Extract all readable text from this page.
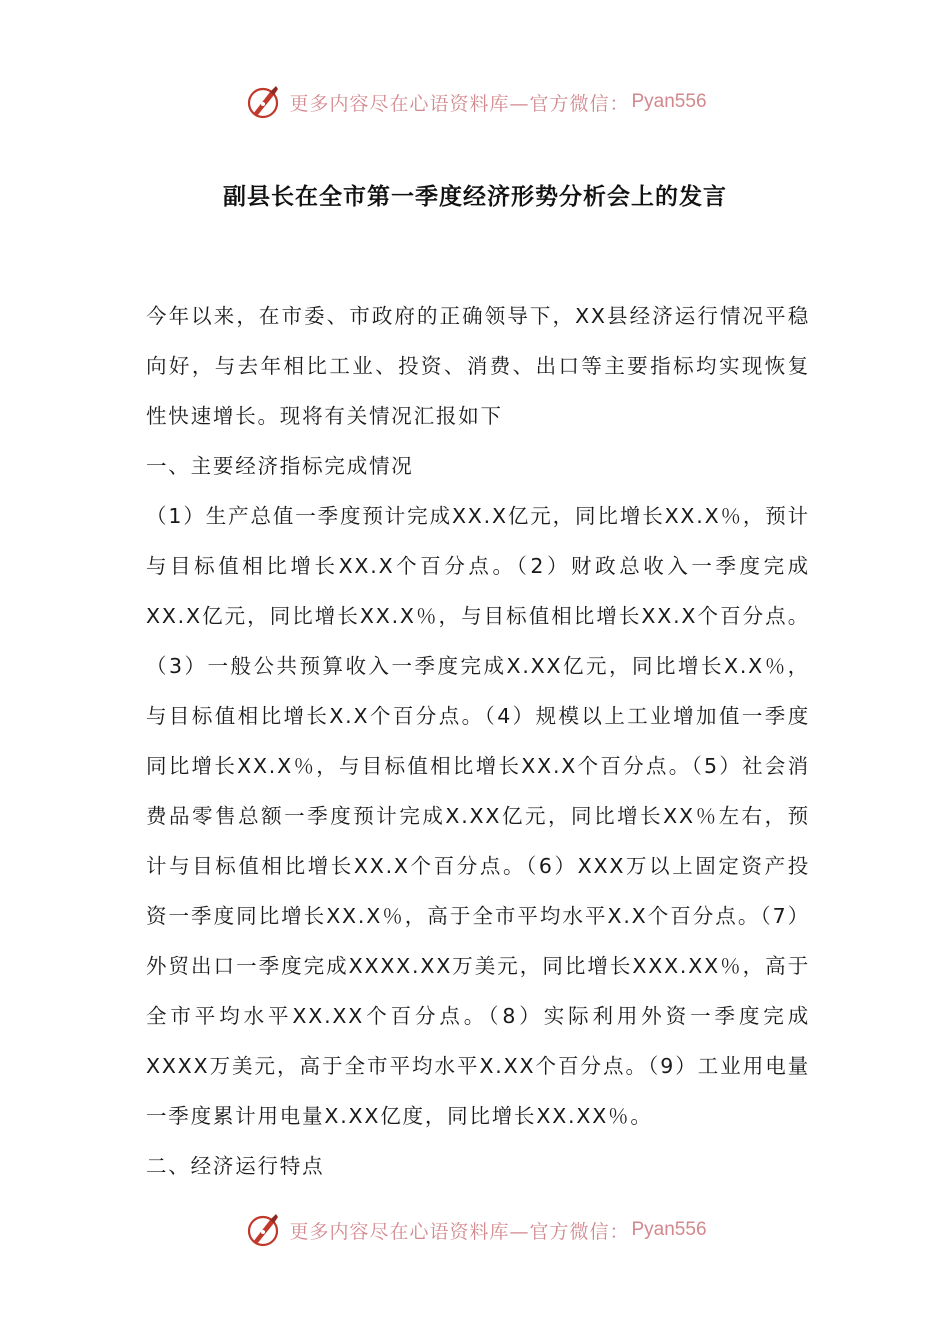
更多内容尽在心语资料库—官方微信： Pyan556
副县长在全市第一季度经济形势分析会上的发言

今年以来，在市委、市政府的正确领导下，XX县经济运行情况平稳向好，与去年相比工业、投资、消费、出口等主要指标均实现恢复性快速增长。现将有关情况汇报如下

一、主要经济指标完成情况

（1）生产总值一季度预计完成XX.X亿元，同比增长XX.X％，预计与目标值相比增长XX.X个百分点。（2）财政总收入一季度完成XX.X亿元，同比增长XX.X％，与目标值相比增长XX.X个百分点。（3）一般公共预算收入一季度完成X.XX亿元，同比增长X.X％，与目标值相比增长X.X个百分点。（4）规模以上工业增加值一季度同比增长XX.X％，与目标值相比增长XX.X个百分点。（5）社会消费品零售总额一季度预计完成X.XX亿元，同比增长XX％左右，预计与目标值相比增长XX.X个百分点。（6）XXX万以上固定资产投资一季度同比增长XX.X％，高于全市平均水平X.X个百分点。（7）外贸出口一季度完成XXXX.XX万美元，同比增长XXX.XX％，高于全市平均水平XX.XX个百分点。（8）实际利用外资一季度完成XXXX万美元，高于全市平均水平X.XX个百分点。（9）工业用电量一季度累计用电量X.XX亿度，同比增长XX.XX％。

二、经济运行特点

更多内容尽在心语资料库—官方微信： Pyan556
